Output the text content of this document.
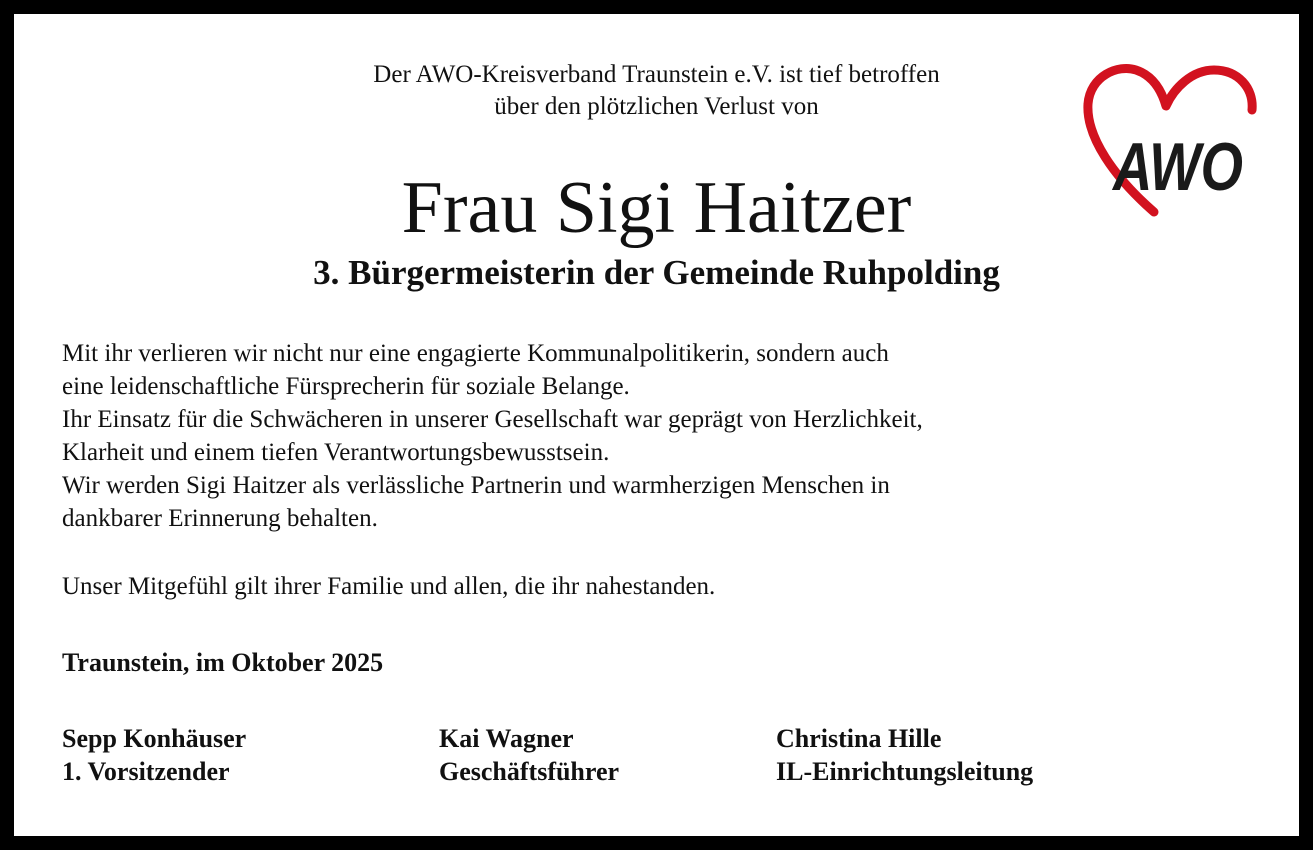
Der AWO-Kreisverband Traunstein e.V. ist tief betroffen
über den plötzlichen Verlust von
Frau Sigi Haitzer
3. Bürgermeisterin der Gemeinde Ruhpolding
Mit ihr verlieren wir nicht nur eine engagierte Kommunalpolitikerin, sondern auch
eine leidenschaftliche Fürsprecherin für soziale Belange.
Ihr Einsatz für die Schwächeren in unserer Gesellschaft war geprägt von Herzlichkeit,
Klarheit und einem tiefen Verantwortungsbewusstsein.
Wir werden Sigi Haitzer als verlässliche Partnerin und warmherzigen Menschen in
dankbarer Erinnerung behalten.
Unser Mitgefühl gilt ihrer Familie und allen, die ihr nahestanden.
Traunstein, im Oktober 2025
Sepp Konhäuser
1. Vorsitzender
Kai Wagner
Geschäftsführer
Christina Hille
IL-Einrichtungsleitung
AWO
